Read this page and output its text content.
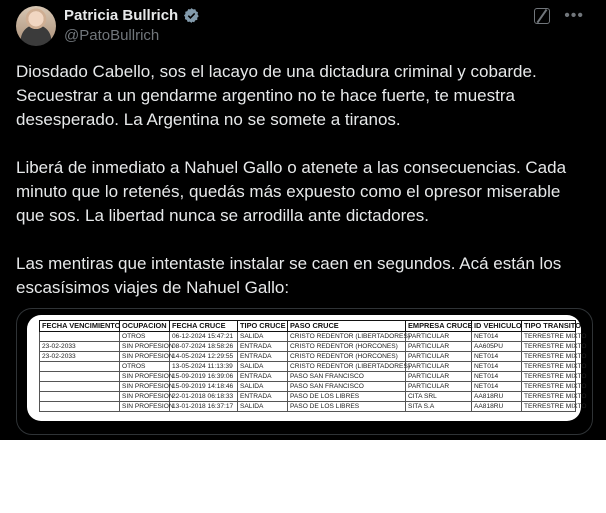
Patricia Bullrich
@PatoBullrich
•••

Diosdado Cabello, sos el lacayo de una dictadura criminal y cobarde. Secuestrar a un gendarme argentino no te hace fuerte, te muestra desesperado. La Argentina no se somete a tiranos.

Liberá de inmediato a Nahuel Gallo o atenete a las consecuencias. Cada minuto que lo retenés, quedás más expuesto como el opresor miserable que sos. La libertad nunca se arrodilla ante dictadores.

Las mentiras que intentaste instalar se caen en segundos. Acá están los escasísimos viajes de Nahuel Gallo:

FECHA VENCIMIENTO	OCUPACION	FECHA CRUCE	TIPO CRUCE	PASO CRUCE	EMPRESA CRUCE	ID VEHICULO	TIPO TRANSITO
	OTROS	06-12-2024 15:47:21	SALIDA	CRISTO REDENTOR (LIBERTADORES)	PARTICULAR	NET014	TERRESTRE MIXTO
23-02-2033	SIN PROFESION	08-07-2024 18:58:26	ENTRADA	CRISTO REDENTOR (HORCONES)	PARTICULAR	AA605PU	TERRESTRE MIXTO
23-02-2033	SIN PROFESION	14-05-2024 12:29:55	ENTRADA	CRISTO REDENTOR (HORCONES)	PARTICULAR	NET014	TERRESTRE MIXTO
	OTROS	13-05-2024 11:13:39	SALIDA	CRISTO REDENTOR (LIBERTADORES)	PARTICULAR	NET014	TERRESTRE MIXTO
	SIN PROFESION	15-09-2019 16:39:06	ENTRADA	PASO SAN FRANCISCO	PARTICULAR	NET014	TERRESTRE MIXTO
	SIN PROFESION	15-09-2019 14:18:46	SALIDA	PASO SAN FRANCISCO	PARTICULAR	NET014	TERRESTRE MIXTO
	SIN PROFESION	22-01-2018 06:18:33	ENTRADA	PASO DE LOS LIBRES	CITA SRL	AA818RU	TERRESTRE MIXTO
	SIN PROFESION	13-01-2018 16:37:17	SALIDA	PASO DE LOS LIBRES	SITA S.A	AA818RU	TERRESTRE MIXTO
